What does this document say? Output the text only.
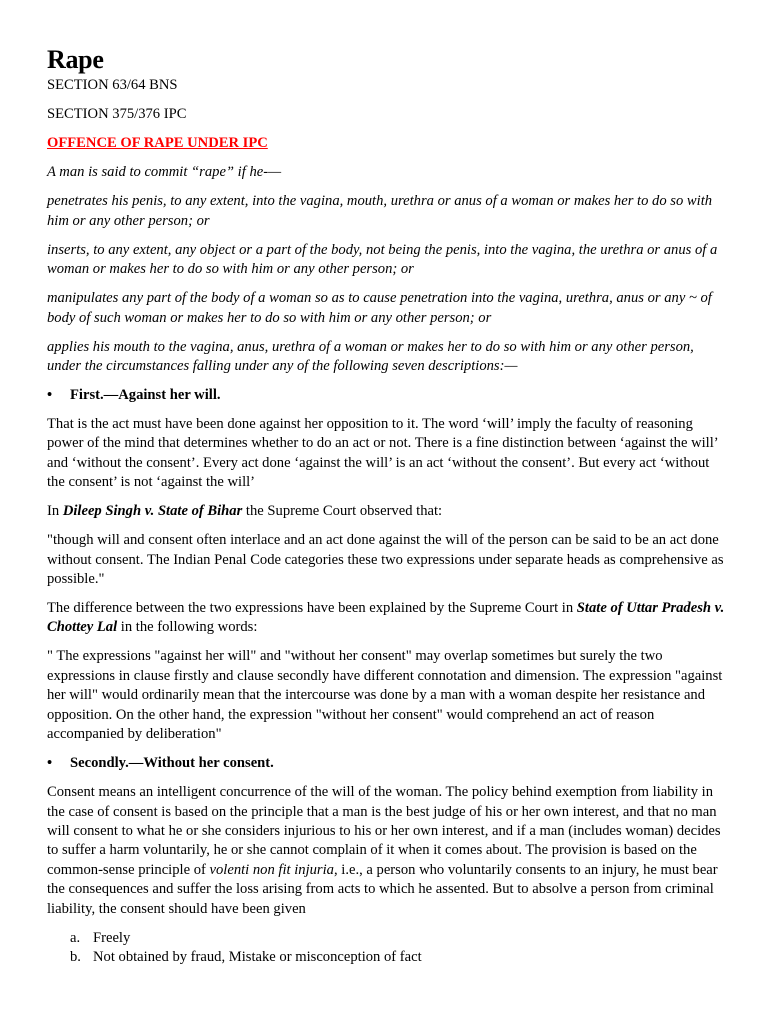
Rape

SECTION 63/64 BNS

SECTION 375/376 IPC

OFFENCE OF RAPE UNDER IPC

A man is said to commit “rape” if he-—

penetrates his penis, to any extent, into the vagina, mouth, urethra or anus of a woman or makes her to do so with him or any other person; or

inserts, to any extent, any object or a part of the body, not being the penis, into the vagina, the urethra or anus of a woman or makes her to do so with him or any other person; or

manipulates any part of the body of a woman so as to cause penetration into the vagina, urethra, anus or any ~ of body of such woman or makes her to do so with him or any other person; or

applies his mouth to the vagina, anus, urethra of a woman or makes her to do so with him or any other person, under the circumstances falling under any of the following seven descriptions:—

• First.—Against her will.

That is the act must have been done against her opposition to it. The word ‘will’ imply the faculty of reasoning power of the mind that determines whether to do an act or not. There is a fine distinction between ‘against the will’ and ‘without the consent’. Every act done ‘against the will’ is an act ‘without the consent’. But every act ‘without the consent’ is not ‘against the will’

In Dileep Singh v. State of Bihar the Supreme Court observed that:

"though will and consent often interlace and an act done against the will of the person can be said to be an act done without consent. The Indian Penal Code categories these two expressions under separate heads as comprehensive as possible."

The difference between the two expressions have been explained by the Supreme Court in State of Uttar Pradesh v. Chottey Lal in the following words:

" The expressions "against her will" and "without her consent" may overlap sometimes but surely the two expressions in clause firstly and clause secondly have different connotation and dimension. The expression "against her will" would ordinarily mean that the intercourse was done by a man with a woman despite her resistance and opposition. On the other hand, the expression "without her consent" would comprehend an act of reason accompanied by deliberation"

• Secondly.—Without her consent.

Consent means an intelligent concurrence of the will of the woman. The policy behind exemption from liability in the case of consent is based on the principle that a man is the best judge of his or her own interest, and that no man will consent to what he or she considers injurious to his or her own interest, and if a man (includes woman) decides to suffer a harm voluntarily, he or she cannot complain of it when it comes about. The provision is based on the common-sense principle of volenti non fit injuria, i.e., a person who voluntarily consents to an injury, he must bear the consequences and suffer the loss arising from acts to which he assented. But to absolve a person from criminal liability, the consent should have been given

a. Freely
b. Not obtained by fraud, Mistake or misconception of fact
